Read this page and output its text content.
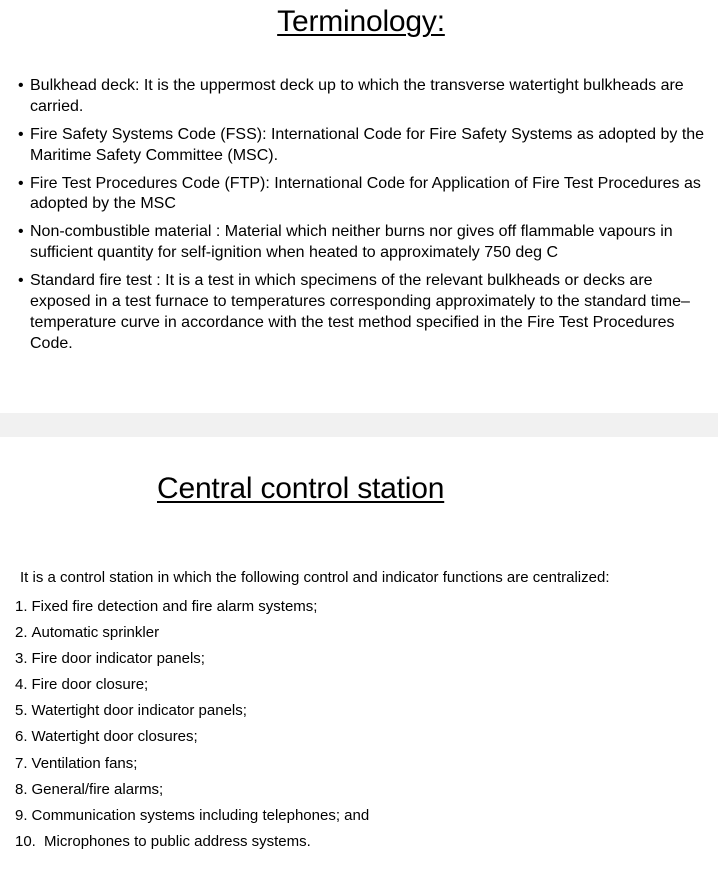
Terminology:
• Bulkhead deck: It is the uppermost deck up to which the transverse watertight bulkheads are carried.
• Fire Safety Systems Code (FSS): International Code for Fire Safety Systems as adopted by the Maritime Safety Committee (MSC).
• Fire Test Procedures Code (FTP): International Code for Application of Fire Test Procedures as adopted by the MSC
• Non-combustible material : Material which neither burns nor gives off flammable vapours in sufficient quantity for self-ignition when heated to approximately 750 deg C
• Standard fire test : It is a test in which specimens of the relevant bulkheads or decks are exposed in a test furnace to temperatures corresponding approximately to the standard time–temperature curve in accordance with the test method specified in the Fire Test Procedures Code.
Central control station

It is a control station in which the following control and indicator functions are centralized:

1. Fixed fire detection and fire alarm systems;
2. Automatic sprinkler
3. Fire door indicator panels;
4. Fire door closure;
5. Watertight door indicator panels;
6. Watertight door closures;
7. Ventilation fans;
8. General/fire alarms;
9. Communication systems including telephones; and
10. Microphones to public address systems.
